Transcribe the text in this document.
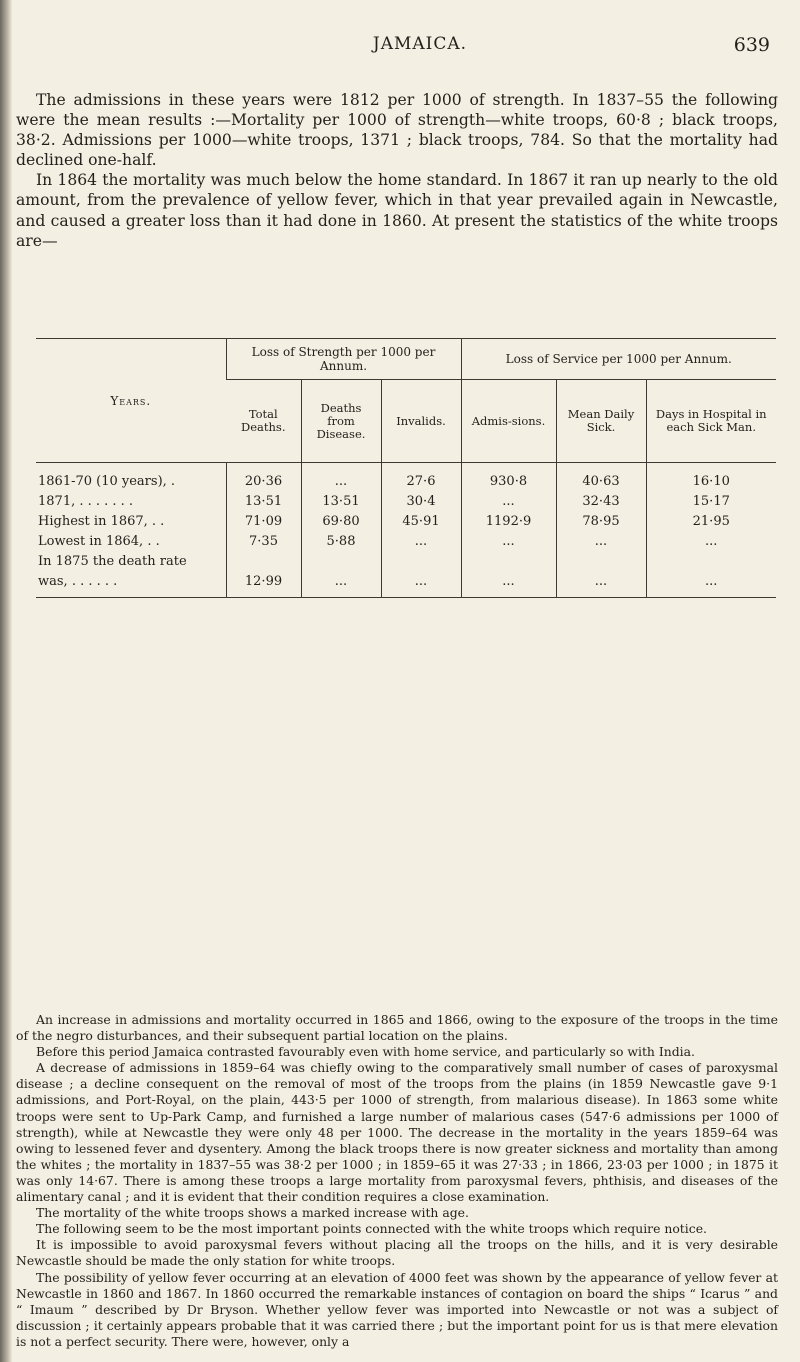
JAMAICA.	639

The admissions in these years were 1812 per 1000 of strength. In 1837–55 the following were the mean results :—Mortality per 1000 of strength—white troops, 60·8 ; black troops, 38·2. Admissions per 1000—white troops, 1371 ; black troops, 784. So that the mortality had declined one-half.

In 1864 the mortality was much below the home standard. In 1867 it ran up nearly to the old amount, from the prevalence of yellow fever, which in that year prevailed again in Newcastle, and caused a greater loss than it had done in 1860. At present the statistics of the white troops are—

Years.	Loss of Strength per 1000 per Annum.			Loss of Service per 1000 per Annum.		
	Total Deaths.	Deaths from Disease.	Invalids.	Admis-sions.	Mean Daily Sick.	Days in Hospital in each Sick Man.
1861-70 (10 years), .	20·36	...	27·6	930·8	40·63	16·10
1871, . . . . . . .	13·51	13·51	30·4	...	32·43	15·17
Highest in 1867, . .	71·09	69·80	45·91	1192·9	78·95	21·95
Lowest in 1864, . .	7·35	5·88	...	...	...	...
In 1875 the death rate						
was, . . . . . .	12·99	...	...	...	...	...

An increase in admissions and mortality occurred in 1865 and 1866, owing to the exposure of the troops in the time of the negro disturbances, and their subsequent partial location on the plains.

Before this period Jamaica contrasted favourably even with home service, and particularly so with India.

A decrease of admissions in 1859–64 was chiefly owing to the comparatively small number of cases of paroxysmal disease ; a decline consequent on the removal of most of the troops from the plains (in 1859 Newcastle gave 9·1 admissions, and Port-Royal, on the plain, 443·5 per 1000 of strength, from malarious disease). In 1863 some white troops were sent to Up-Park Camp, and furnished a large number of malarious cases (547·6 admissions per 1000 of strength), while at Newcastle they were only 48 per 1000. The decrease in the mortality in the years 1859–64 was owing to lessened fever and dysentery. Among the black troops there is now greater sickness and mortality than among the whites ; the mortality in 1837–55 was 38·2 per 1000 ; in 1859–65 it was 27·33 ; in 1866, 23·03 per 1000 ; in 1875 it was only 14·67. There is among these troops a large mortality from paroxysmal fevers, phthisis, and diseases of the alimentary canal ; and it is evident that their condition requires a close examination.

The mortality of the white troops shows a marked increase with age.

The following seem to be the most important points connected with the white troops which require notice.

It is impossible to avoid paroxysmal fevers without placing all the troops on the hills, and it is very desirable Newcastle should be made the only station for white troops.

The possibility of yellow fever occurring at an elevation of 4000 feet was shown by the appearance of yellow fever at Newcastle in 1860 and 1867. In 1860 occurred the remarkable instances of contagion on board the ships “ Icarus ” and “ Imaum ” described by Dr Bryson. Whether yellow fever was imported into Newcastle or not was a subject of discussion ; it certainly appears probable that it was carried there ; but the important point for us is that mere elevation is not a perfect security. There were, however, only a
